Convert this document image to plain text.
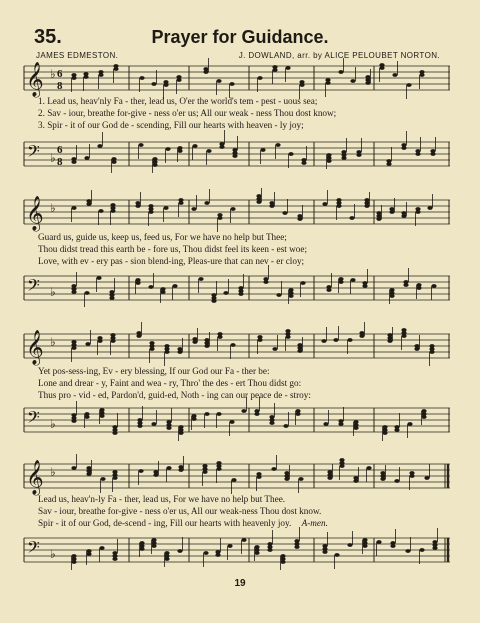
35.	Prayer for Guidance.
JAMES EDMESTON.	J. DOWLAND, arr. by ALICE PELOUBET NORTON.
𝄞 ♭ 6
8
1. Lead us, heav'nly Fa - ther, lead us, O'er the world's tem - pest - uous sea;
2. Sav - iour, breathe for-give - ness o'er us; All our weak - ness Thou dost know;
3. Spir - it of our God de - scending, Fill our hearts with heaven - ly joy;
𝄢 ♭
6
8
𝄞 ♭
Guard us, guide us, keep us, feed us, For we have no help but Thee;
Thou didst tread this earth be - fore us, Thou didst feel its keen - est woe;
Love, with ev - ery pas - sion blend-ing, Pleas-ure that can nev - er cloy;
𝄢 ♭
𝄞 ♭
Yet pos-sess-ing, Ev - ery blessing, If our God our Fa - ther be:
Lone and drear - y, Faint and wea - ry, Thro' the des - ert Thou didst go:
Thus pro - vid - ed, Pardon'd, guid-ed, Noth - ing can our peace de - stroy:
𝄢 ♭
𝄞 ♭
Lead us, heav'n-ly Fa - ther, lead us, For we have no help but Thee.
Sav - iour, breathe for-give - ness o'er us, All our weak-ness Thou dost know.
Spir - it of our God, de-scend - ing, Fill our hearts with heavenly joy. A-men.
𝄢 ♭
19
